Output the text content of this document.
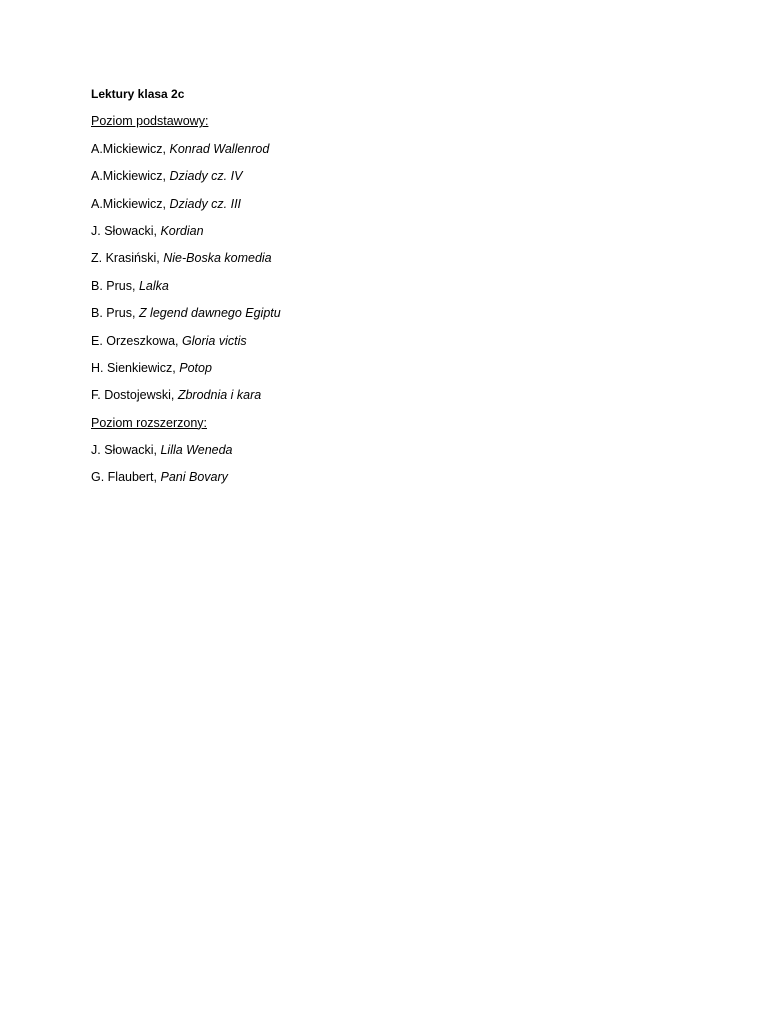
Lektury klasa 2c
Poziom podstawowy:
A.Mickiewicz, Konrad Wallenrod
A.Mickiewicz, Dziady cz. IV
A.Mickiewicz, Dziady cz. III
J. Słowacki, Kordian
Z. Krasiński, Nie-Boska komedia
B. Prus, Lalka
B. Prus, Z legend dawnego Egiptu
E. Orzeszkowa, Gloria victis
H. Sienkiewicz, Potop
F. Dostojewski, Zbrodnia i kara
Poziom rozszerzony:
J. Słowacki, Lilla Weneda
G. Flaubert, Pani Bovary
